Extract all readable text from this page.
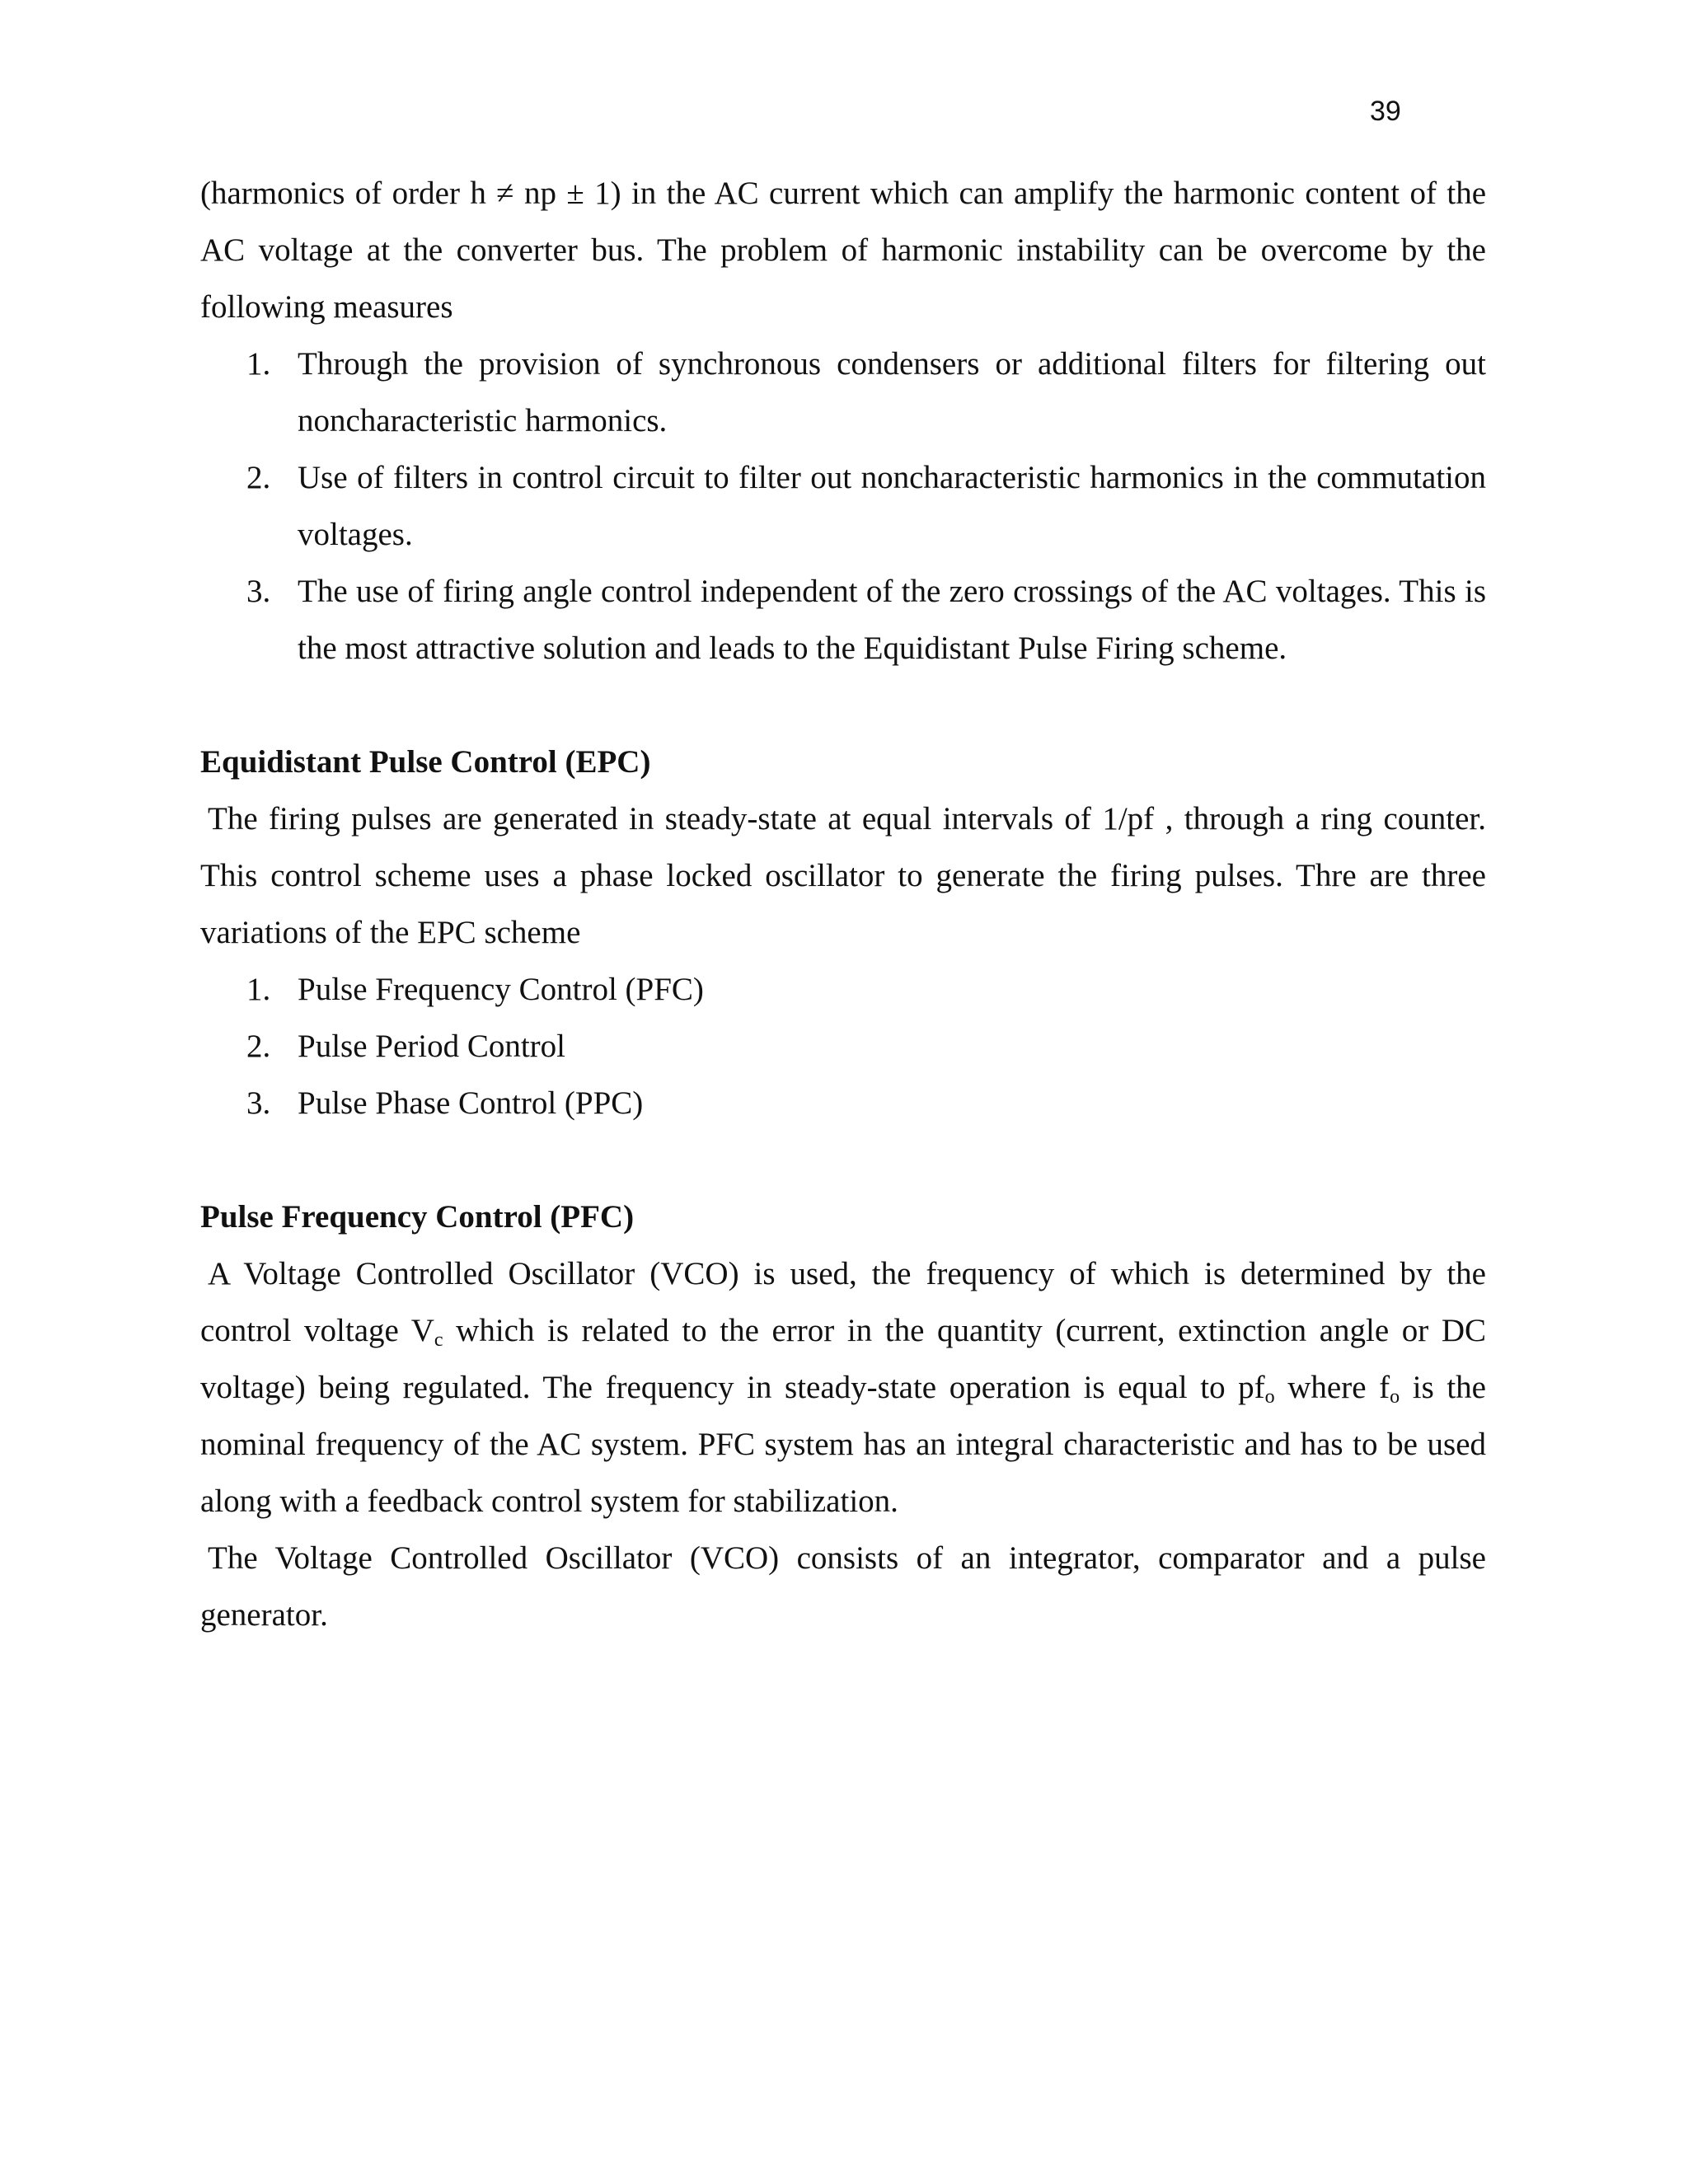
39

(harmonics of order h ≠ np ± 1) in the AC current which can amplify the harmonic content of the AC voltage at the converter bus. The problem of harmonic instability can be overcome by the following measures

1. Through the provision of synchronous condensers or additional filters for filtering out noncharacteristic harmonics.
2. Use of filters in control circuit to filter out noncharacteristic harmonics in the commutation voltages.
3. The use of firing angle control independent of the zero crossings of the AC voltages. This is the most attractive solution and leads to the Equidistant Pulse Firing scheme.
Equidistant Pulse Control (EPC)

The firing pulses are generated in steady-state at equal intervals of 1/pf , through a ring counter. This control scheme uses a phase locked oscillator to generate the firing pulses. Thre are three variations of the EPC scheme

1. Pulse Frequency Control (PFC)
2. Pulse Period Control
3. Pulse Phase Control (PPC)
Pulse Frequency Control (PFC)

A Voltage Controlled Oscillator (VCO) is used, the frequency of which is determined by the control voltage $V_c$ which is related to the error in the quantity (current, extinction angle or DC voltage) being regulated. The frequency in steady-state operation is equal to $pf_o$ where $f_o$ is the nominal frequency of the AC system. PFC system has an integral characteristic and has to be used along with a feedback control system for stabilization.

The Voltage Controlled Oscillator (VCO) consists of an integrator, comparator and a pulse generator.
